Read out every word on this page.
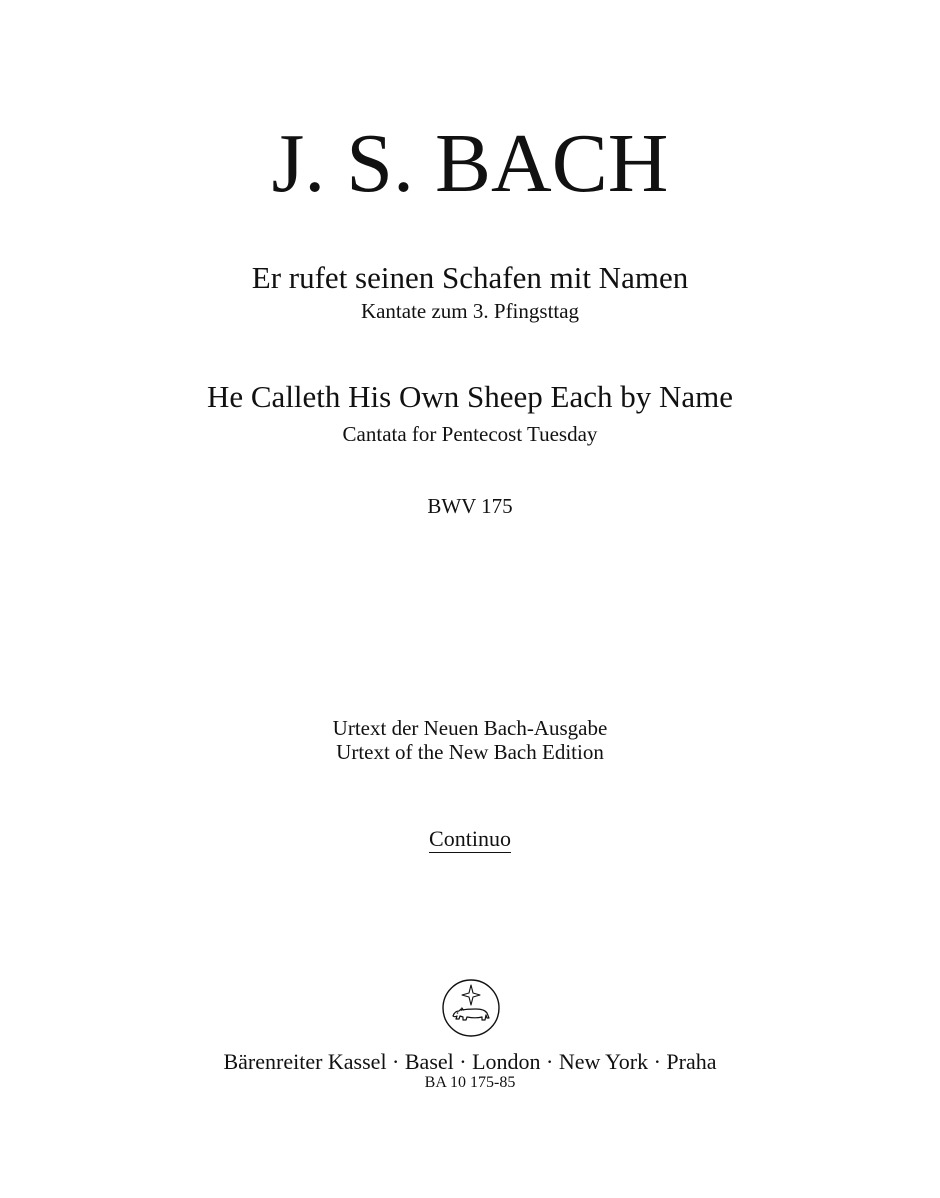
J. S. BACH
Er rufet seinen Schafen mit Namen
Kantate zum 3. Pfingsttag
He Calleth His Own Sheep Each by Name
Cantata for Pentecost Tuesday
BWV 175
Urtext der Neuen Bach-Ausgabe
Urtext of the New Bach Edition
Continuo
Bärenreiter Kassel · Basel · London · New York · Praha
BA 10 175-85
